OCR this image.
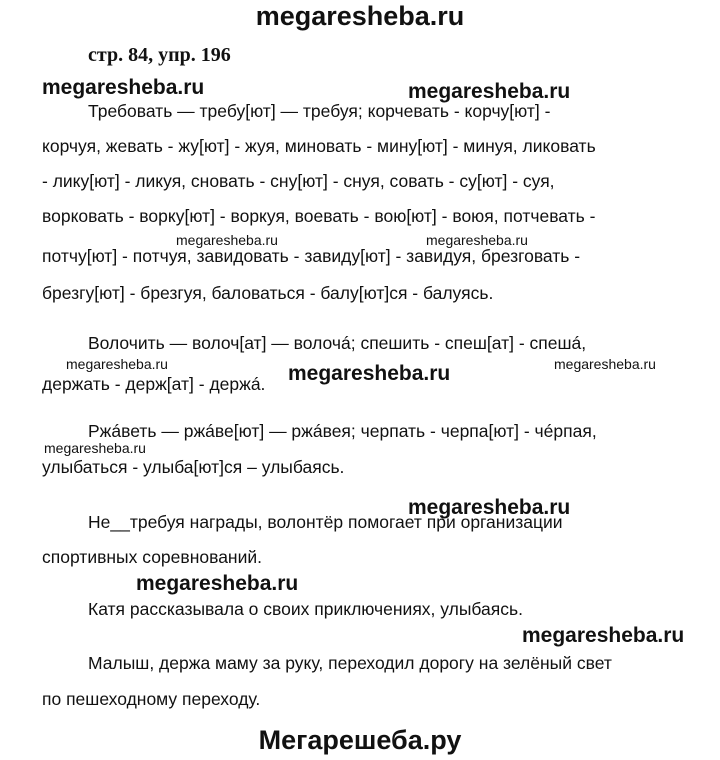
megaresheba.ru
стр. 84, упр. 196
megaresheba.ru	megaresheba.ru
megaresheba.ru	megaresheba.ru
megaresheba.ru	megaresheba.ru	megaresheba.ru
megaresheba.ru
megaresheba.ru
megaresheba.ru
megaresheba.ru
Требовать — требу[ют] — требуя; корчевать - корчу[ют] -
корчуя, жевать - жу[ют] - жуя, миновать - мину[ют] - минуя, ликовать
- лику[ют] - ликуя, сновать - сну[ют] - снуя, совать - су[ют] - суя,
ворковать - ворку[ют] - воркуя, воевать - вою[ют] - воюя, потчевать -
потчу[ют] - потчуя, завидовать - завиду[ют] - завидуя, брезговать -
брезгу[ют] - брезгуя, баловаться - балу[ют]ся - балуясь.
Волочить — волоч[ат] — волочá; спешить - спеш[ат] - спешá,
держать - держ[ат] - держá.
Ржáветь — ржáве[ют] — ржáвея; черпать - черпа[ют] - чéрпая,
улыбаться - улыба[ют]ся – улыбаясь.
Не__требуя награды, волонтёр помогает при организации
спортивных соревнований.
Катя рассказывала о своих приключениях, улыбаясь.
Малыш, держа маму за руку, переходил дорогу на зелёный свет
по пешеходному переходу.
Мегарешеба.ру
